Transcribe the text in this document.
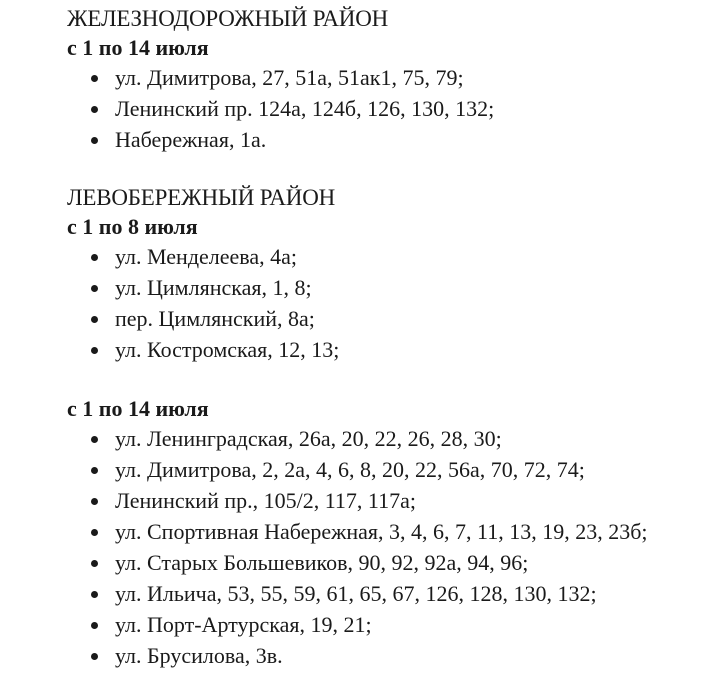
ЖЕЛЕЗНОДОРОЖНЫЙ РАЙОН
с 1 по 14 июля
ул. Димитрова, 27, 51а, 51ак1, 75, 79;
Ленинский пр. 124а, 124б, 126, 130, 132;
Набережная, 1а.
ЛЕВОБЕРЕЖНЫЙ РАЙОН
с 1 по 8 июля
ул. Менделеева, 4а;
ул. Цимлянская, 1, 8;
пер. Цимлянский, 8а;
ул. Костромская, 12, 13;
с 1 по 14 июля
ул. Ленинградская, 26а, 20, 22, 26, 28, 30;
ул. Димитрова, 2, 2а, 4, 6, 8, 20, 22, 56а, 70, 72, 74;
Ленинский пр., 105/2, 117, 117а;
ул. Спортивная Набережная, 3, 4, 6, 7, 11, 13, 19, 23, 23б;
ул. Старых Большевиков, 90, 92, 92а, 94, 96;
ул. Ильича, 53, 55, 59, 61, 65, 67, 126, 128, 130, 132;
ул. Порт-Артурская, 19, 21;
ул. Брусилова, 3в.
